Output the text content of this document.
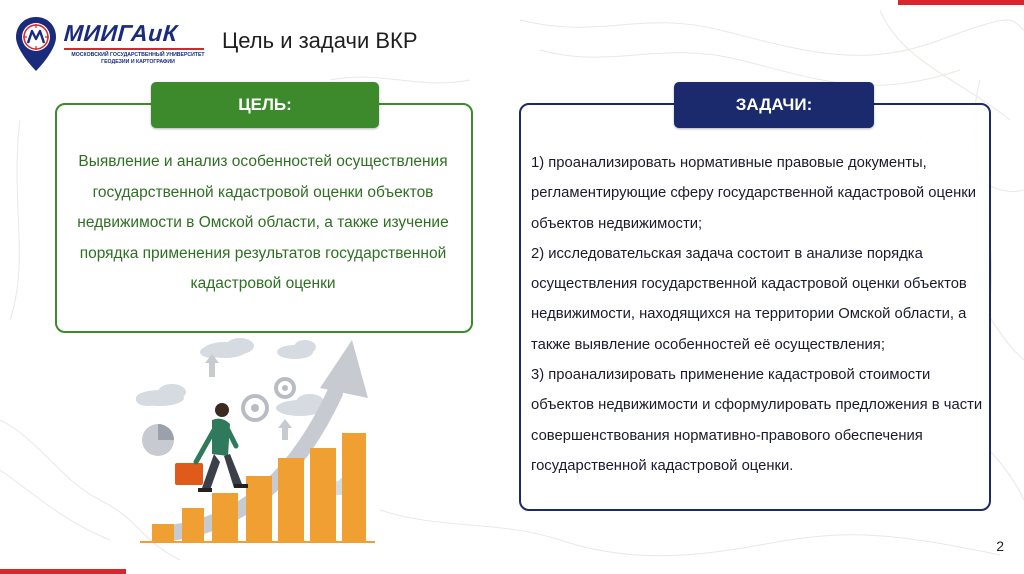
МИИГАиК
МОСКОВСКИЙ ГОСУДАРСТВЕННЫЙ УНИВЕРСИТЕТ ГЕОДЕЗИИ И КАРТОГРАФИИ
Цель и задачи ВКР
ЦЕЛЬ:
Выявление и анализ особенностей осуществления государственной кадастровой оценки объектов недвижимости в Омской области, а также изучение порядка применения результатов государственной кадастровой оценки
ЗАДАЧИ:

1) проанализировать нормативные правовые документы, регламентирующие сферу государственной кадастровой оценки объектов недвижимости;

2) исследовательская задача состоит в анализе порядка осуществления государственной кадастровой оценки объектов недвижимости, находящихся на территории Омской области, а также выявление особенностей её осуществления;

3) проанализировать применение кадастровой стоимости объектов недвижимости и сформулировать предложения в части совершенствования нормативно-правового обеспечения государственной кадастровой оценки.

2
